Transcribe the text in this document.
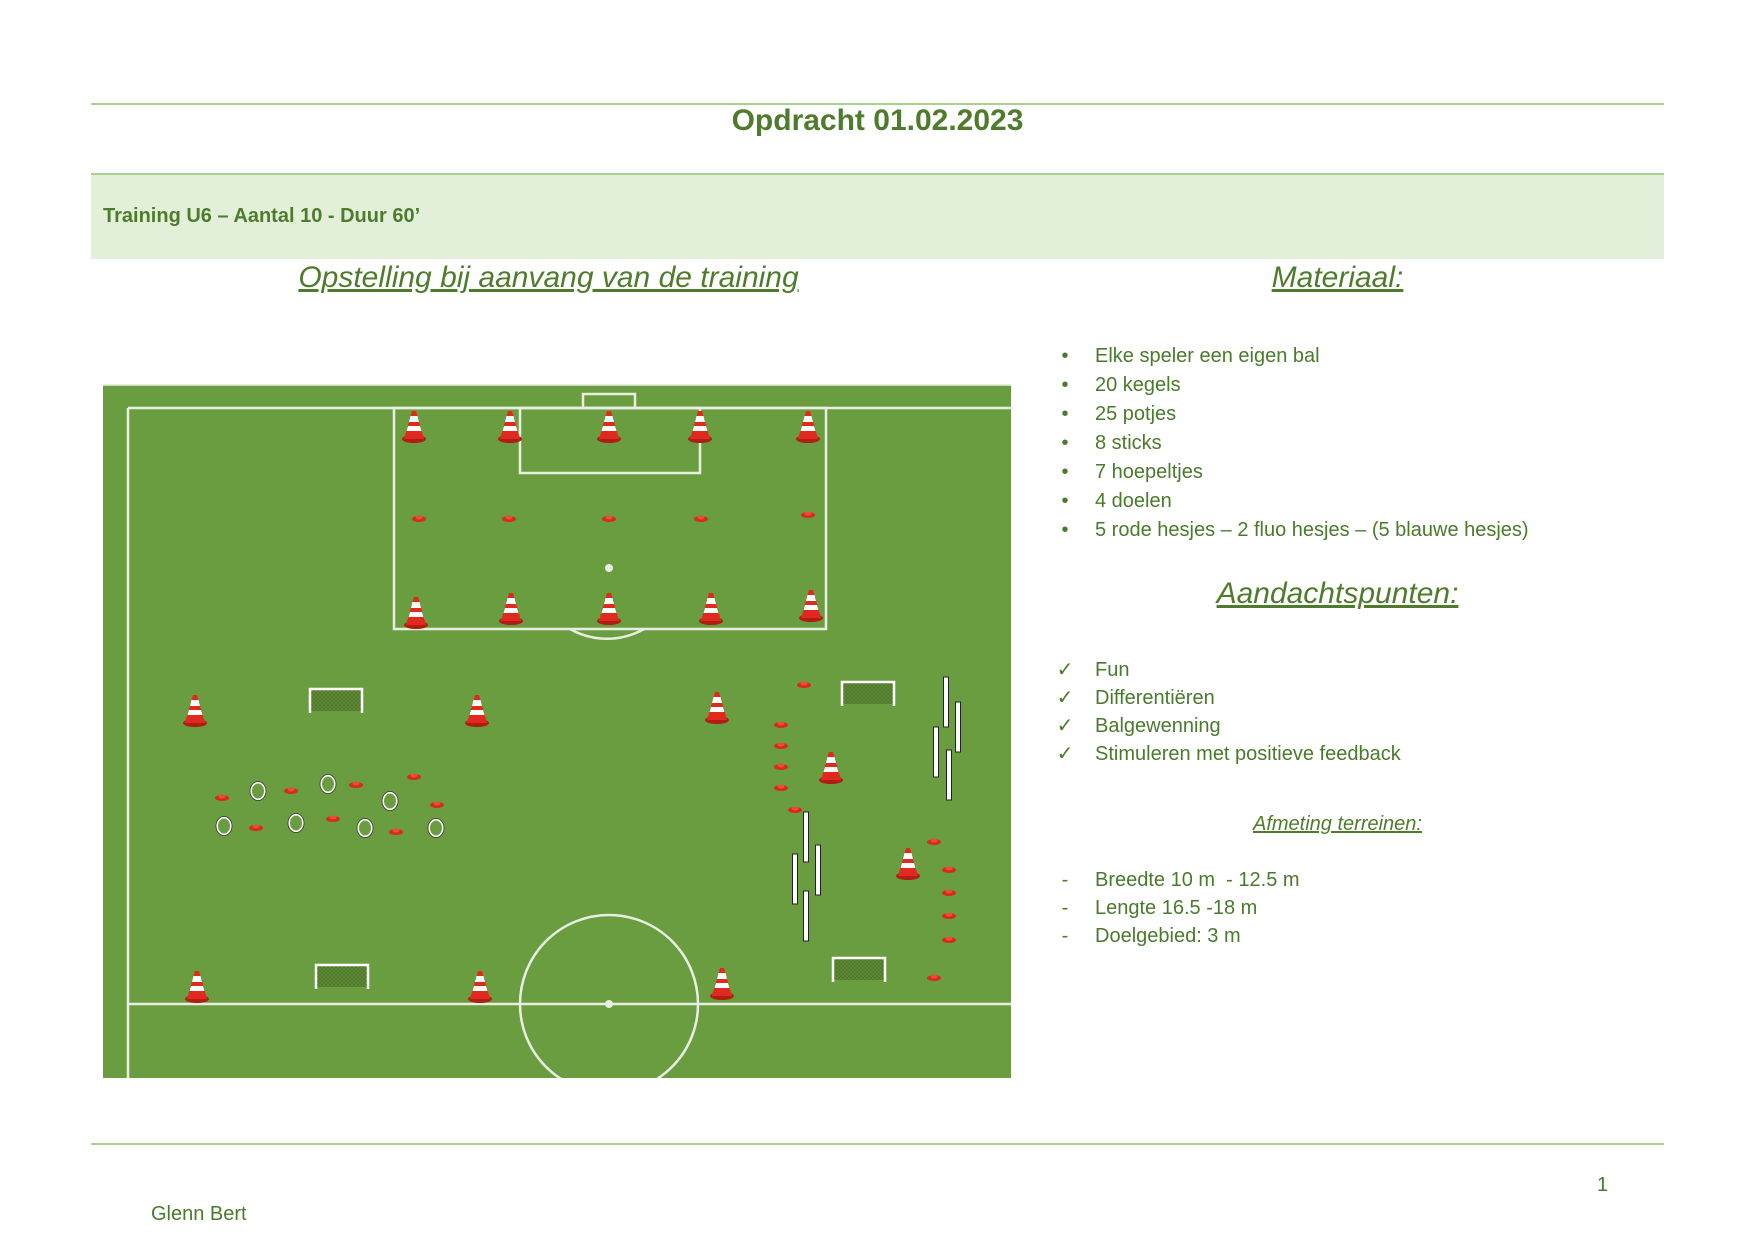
Opdracht 01.02.2023
Training U6 – Aantal 10 - Duur 60’
Opstelling bij aanvang van de training	Materiaal:
•	Elke speler een eigen bal
•	20 kegels
•	25 potjes
•	8 sticks
•	7 hoepeltjes
•	4 doelen
•	5 rode hesjes – 2 fluo hesjes – (5 blauwe hesjes)
Aandachtspunten:
✓ Fun
✓ Differentiëren
✓ Balgewenning
✓ Stimuleren met positieve feedback
Afmeting terreinen:
-	Breedte 10 m  - 12.5 m
-	Lengte 16.5 -18 m
-	Doelgebied: 3 m
1
Glenn Bert
